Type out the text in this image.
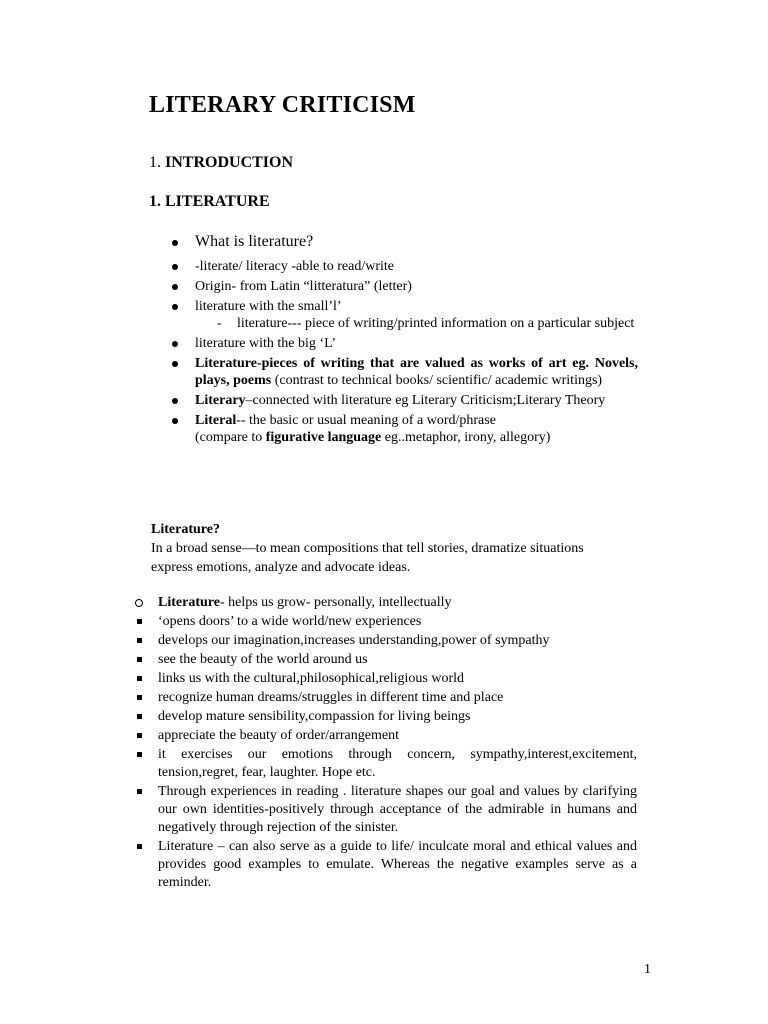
LITERARY CRITICISM
1. INTRODUCTION
1. LITERATURE
What is literature?
-literate/ literacy -able to read/write
Origin- from Latin “litteratura” (letter)
literature with the small’l’
- literature--- piece of writing/printed information on a particular subject
literature with the big ‘L’
Literature-pieces of writing that are valued as works of art eg. Novels, plays, poems (contrast to technical books/ scientific/ academic writings)
Literary–connected with literature eg Literary Criticism;Literary Theory
Literal-- the basic or usual meaning of a word/phrase
(compare to figurative language eg..metaphor, irony, allegory)
Literature?
In a broad sense—to mean compositions that tell stories, dramatize situations express emotions, analyze and advocate ideas.
Literature- helps us grow- personally, intellectually
‘opens doors’ to a wide world/new experiences
develops our imagination,increases understanding,power of sympathy
see the beauty of the world around us
links us with the cultural,philosophical,religious world
recognize human dreams/struggles in different time and place
develop mature sensibility,compassion for living beings
appreciate the beauty of order/arrangement
it exercises our emotions through concern, sympathy,interest,excitement, tension,regret, fear, laughter. Hope etc.
Through experiences in reading . literature shapes our goal and values by clarifying our own identities-positively through acceptance of the admirable in humans and negatively through rejection of the sinister.
Literature – can also serve as a guide to life/ inculcate moral and ethical values and provides good examples to emulate. Whereas the negative examples serve as a reminder.
1
